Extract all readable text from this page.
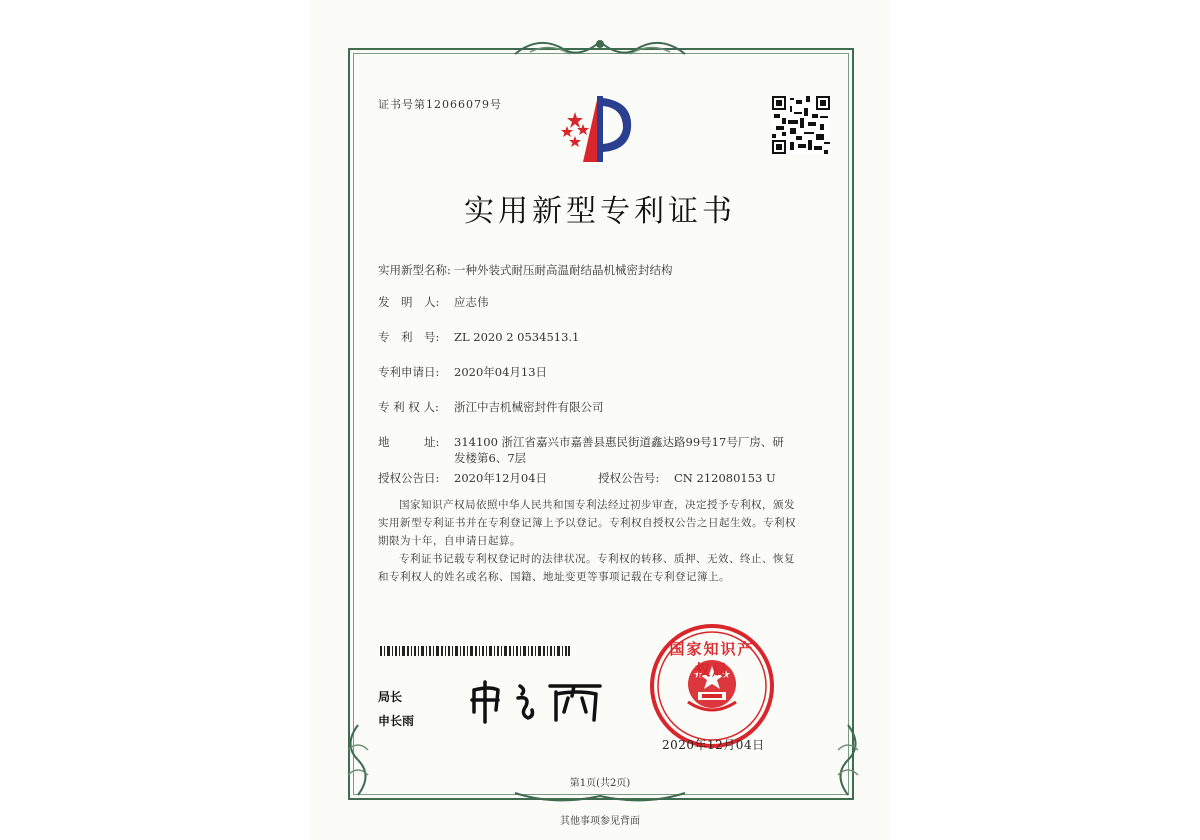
证书号第12066079号
实用新型专利证书
实用新型名称: 一种外装式耐压耐高温耐结晶机械密封结构
发　明　人: 应志伟
专　利　号: ZL 2020 2 0534513.1
专利申请日: 2020年04月13日
专 利 权 人: 浙江中吉机械密封件有限公司
地　　　址:	314100 浙江省嘉兴市嘉善县惠民街道鑫达路99号17号厂房、研发楼第6、7层
授权公告日: 2020年12月04日	授权公告号: CN 212080153 U
国家知识产权局依照中华人民共和国专利法经过初步审查，决定授予专利权，颁发实用新型专利证书并在专利登记簿上予以登记。专利权自授权公告之日起生效。专利权期限为十年，自申请日起算。
专利证书记载专利权登记时的法律状况。专利权的转移、质押、无效、终止、恢复和专利权人的姓名或名称、国籍、地址变更等事项记载在专利登记簿上。
局长
申长雨
国家知识产权局
2020年12月04日
第1页(共2页)
其他事项参见背面
